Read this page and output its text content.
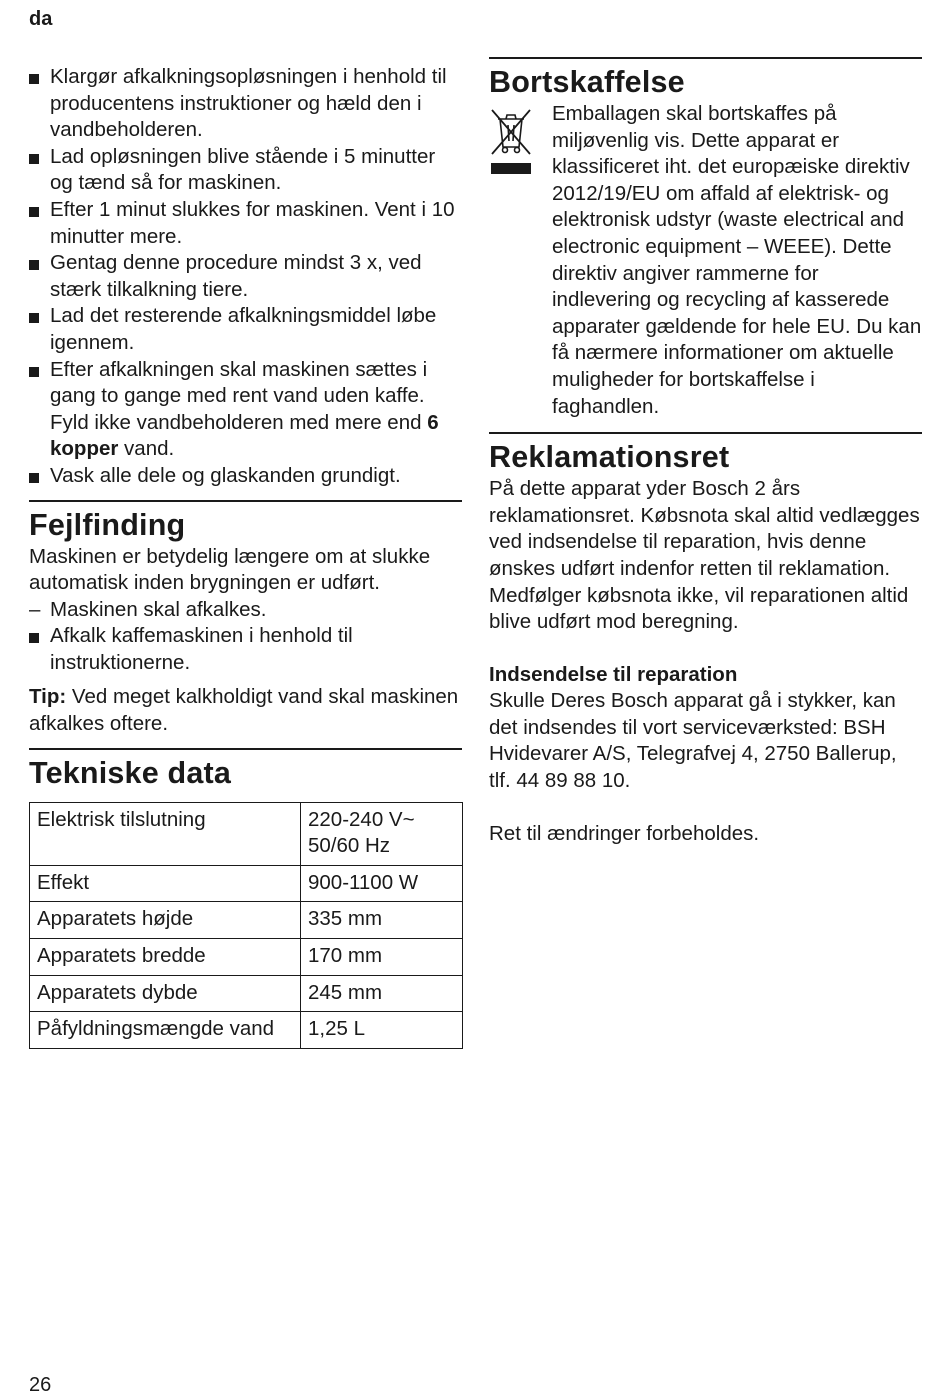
da
Klargør afkalkningsopløsningen i henhold til producentens instruktioner og hæld den i vandbeholderen.
Lad opløsningen blive stående i 5 minutter og tænd så for maskinen.
Efter 1 minut slukkes for maskinen. Vent i 10 minutter mere.
Gentag denne procedure mindst 3 x, ved stærk tilkalkning tiere.
Lad det resterende afkalkningsmiddel løbe igennem.
Efter afkalkningen skal maskinen sættes i gang to gange med rent vand uden kaffe. Fyld ikke vandbeholderen med mere end 6 kopper vand.
Vask alle dele og glaskanden grundigt.
Fejlfinding

Maskinen er betydelig længere om at slukke automatisk inden brygningen er udført.

– Maskinen skal afkalkes.
Afkalk kaffemaskinen i henhold til instruktionerne.

Tip: Ved meget kalkholdigt vand skal maskinen afkalkes oftere.

Tekniske data
Elektrisk tilslutning	220-240 V~ 50/60 Hz
Effekt	900-1100 W
Apparatets højde	335 mm
Apparatets bredde	170 mm
Apparatets dybde	245 mm
Påfyldningsmængde vand	1,25 L
Bortskaffelse

Emballagen skal bortskaffes på miljøvenlig vis. Dette apparat er klassificeret iht. det europæiske direktiv 2012/19/EU om affald af elektrisk- og elektronisk udstyr (waste electrical and electronic equipment – WEEE). Dette direktiv angiver rammerne for indlevering og recycling af kasserede apparater gældende for hele EU. Du kan få nærmere informationer om aktuelle muligheder for bortskaffelse i faghandlen.

Reklamationsret

På dette apparat yder Bosch 2 års reklamationsret. Købsnota skal altid vedlægges ved indsendelse til reparation, hvis denne ønskes udført indenfor retten til reklamation. Medfølger købsnota ikke, vil reparationen altid blive udført mod beregning.

Indsendelse til reparation

Skulle Deres Bosch apparat gå i stykker, kan det indsendes til vort serviceværksted: BSH Hvidevarer A/S, Telegrafvej 4, 2750 Ballerup, tlf. 44 89 88 10.

Ret til ændringer forbeholdes.

26
